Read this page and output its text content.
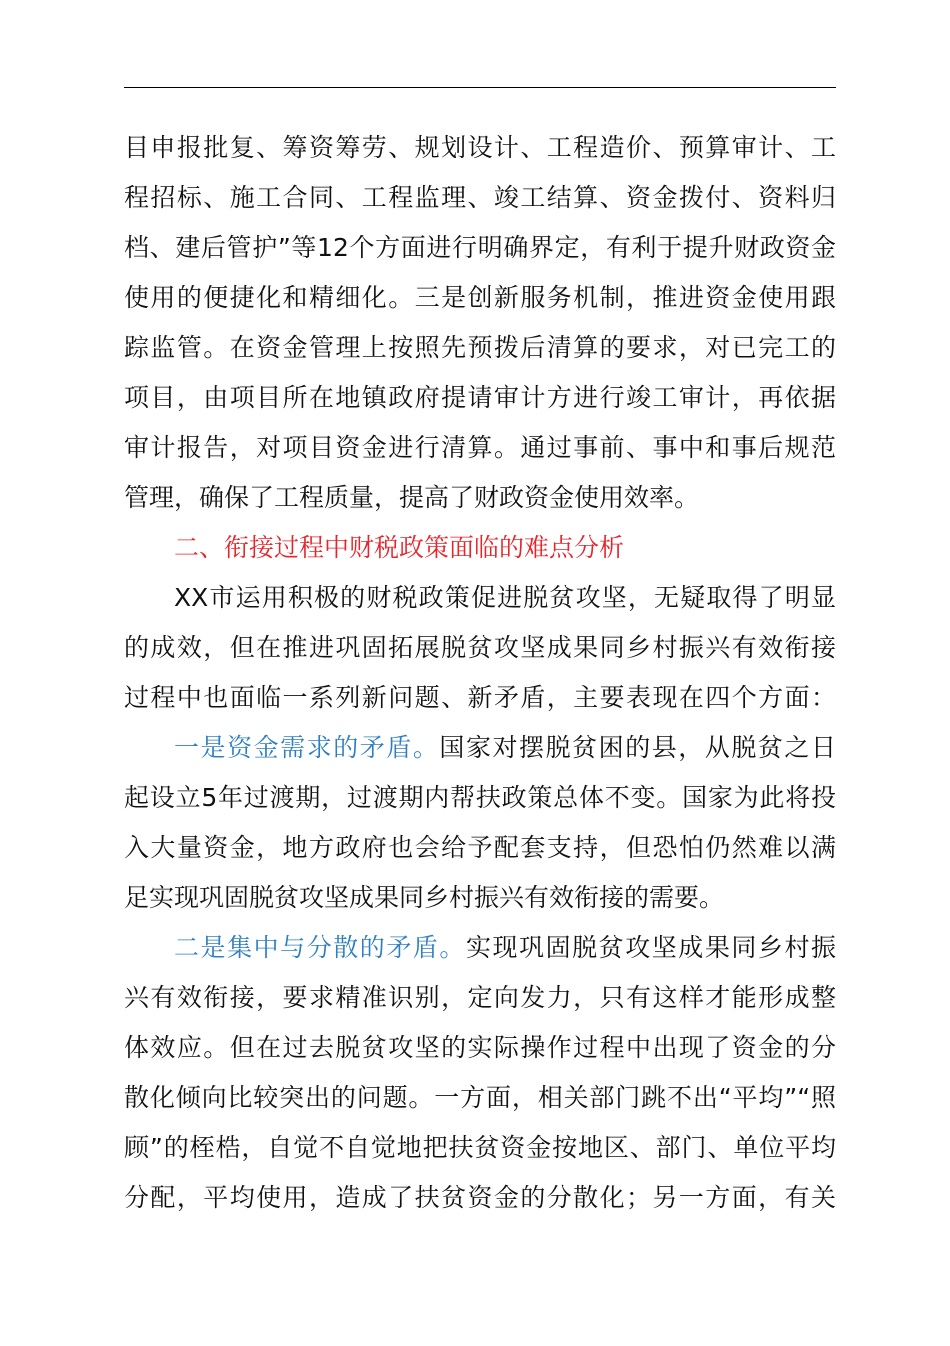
目申报批复、筹资筹劳、规划设计、工程造价、预算审计、工
程招标、施工合同、工程监理、竣工结算、资金拨付、资料归
档、建后管护”等12个方面进行明确界定，有利于提升财政资金
使用的便捷化和精细化。三是创新服务机制，推进资金使用跟
踪监管。在资金管理上按照先预拨后清算的要求，对已完工的
项目，由项目所在地镇政府提请审计方进行竣工审计，再依据
审计报告，对项目资金进行清算。通过事前、事中和事后规范
管理，确保了工程质量，提高了财政资金使用效率。
二、衔接过程中财税政策面临的难点分析
XX市运用积极的财税政策促进脱贫攻坚，无疑取得了明显
的成效，但在推进巩固拓展脱贫攻坚成果同乡村振兴有效衔接
过程中也面临一系列新问题、新矛盾，主要表现在四个方面：
一是资金需求的矛盾。国家对摆脱贫困的县，从脱贫之日
起设立5年过渡期，过渡期内帮扶政策总体不变。国家为此将投
入大量资金，地方政府也会给予配套支持，但恐怕仍然难以满
足实现巩固脱贫攻坚成果同乡村振兴有效衔接的需要。
二是集中与分散的矛盾。实现巩固脱贫攻坚成果同乡村振
兴有效衔接，要求精准识别，定向发力，只有这样才能形成整
体效应。但在过去脱贫攻坚的实际操作过程中出现了资金的分
散化倾向比较突出的问题。一方面，相关部门跳不出“平均”“照
顾”的桎梏，自觉不自觉地把扶贫资金按地区、部门、单位平均
分配，平均使用，造成了扶贫资金的分散化；另一方面，有关
